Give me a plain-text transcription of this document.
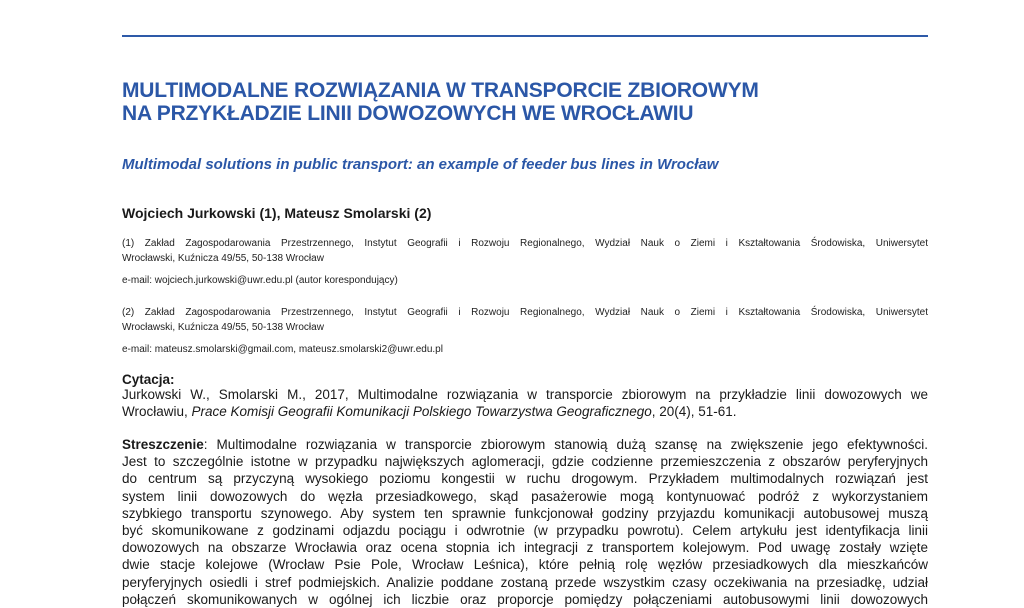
MULTIMODALNE ROZWIĄZANIA W TRANSPORCIE ZBIOROWYM
NA PRZYKŁADZIE LINII DOWOZOWYCH WE WROCŁAWIU
Multimodal solutions in public transport: an example of feeder bus lines in Wrocław
Wojciech Jurkowski (1), Mateusz Smolarski (2)
(1) Zakład Zagospodarowania Przestrzennego, Instytut Geografii i Rozwoju Regionalnego, Wydział Nauk o Ziemi i Kształtowania Środowiska, Uniwersytet
Wrocławski, Kuźnicza 49/55, 50-138 Wrocław
e-mail: wojciech.jurkowski@uwr.edu.pl (autor korespondujący)
(2) Zakład Zagospodarowania Przestrzennego, Instytut Geografii i Rozwoju Regionalnego, Wydział Nauk o Ziemi i Kształtowania Środowiska, Uniwersytet
Wrocławski, Kuźnicza 49/55, 50-138 Wrocław
e-mail: mateusz.smolarski@gmail.com, mateusz.smolarski2@uwr.edu.pl
Cytacja:
Jurkowski W., Smolarski M., 2017, Multimodalne rozwiązania w transporcie zbiorowym na przykładzie linii dowozowych we
Wrocławiu, Prace Komisji Geografii Komunikacji Polskiego Towarzystwa Geograficznego, 20(4), 51-61.
Streszczenie: Multimodalne rozwiązania w transporcie zbiorowym stanowią dużą szansę na zwiększenie jego efektywności.
Jest to szczególnie istotne w przypadku największych aglomeracji, gdzie codzienne przemieszczenia z obszarów peryferyjnych
do centrum są przyczyną wysokiego poziomu kongestii w ruchu drogowym. Przykładem multimodalnych rozwiązań jest
system linii dowozowych do węzła przesiadkowego, skąd pasażerowie mogą kontynuować podróż z wykorzystaniem
szybkiego transportu szynowego. Aby system ten sprawnie funkcjonował godziny przyjazdu komunikacji autobusowej muszą
być skomunikowane z godzinami odjazdu pociągu i odwrotnie (w przypadku powrotu). Celem artykułu jest identyfikacja linii
dowozowych na obszarze Wrocławia oraz ocena stopnia ich integracji z transportem kolejowym. Pod uwagę zostały wzięte
dwie stacje kolejowe (Wrocław Psie Pole, Wrocław Leśnica), które pełnią rolę węzłów przesiadkowych dla mieszkańców
peryferyjnych osiedli i stref podmiejskich. Analizie poddane zostaną przede wszystkim czasy oczekiwania na przesiadkę, udział
połączeń skomunikowanych w ogólnej ich liczbie oraz proporcje pomiędzy połączeniami autobusowymi linii dowozowych
